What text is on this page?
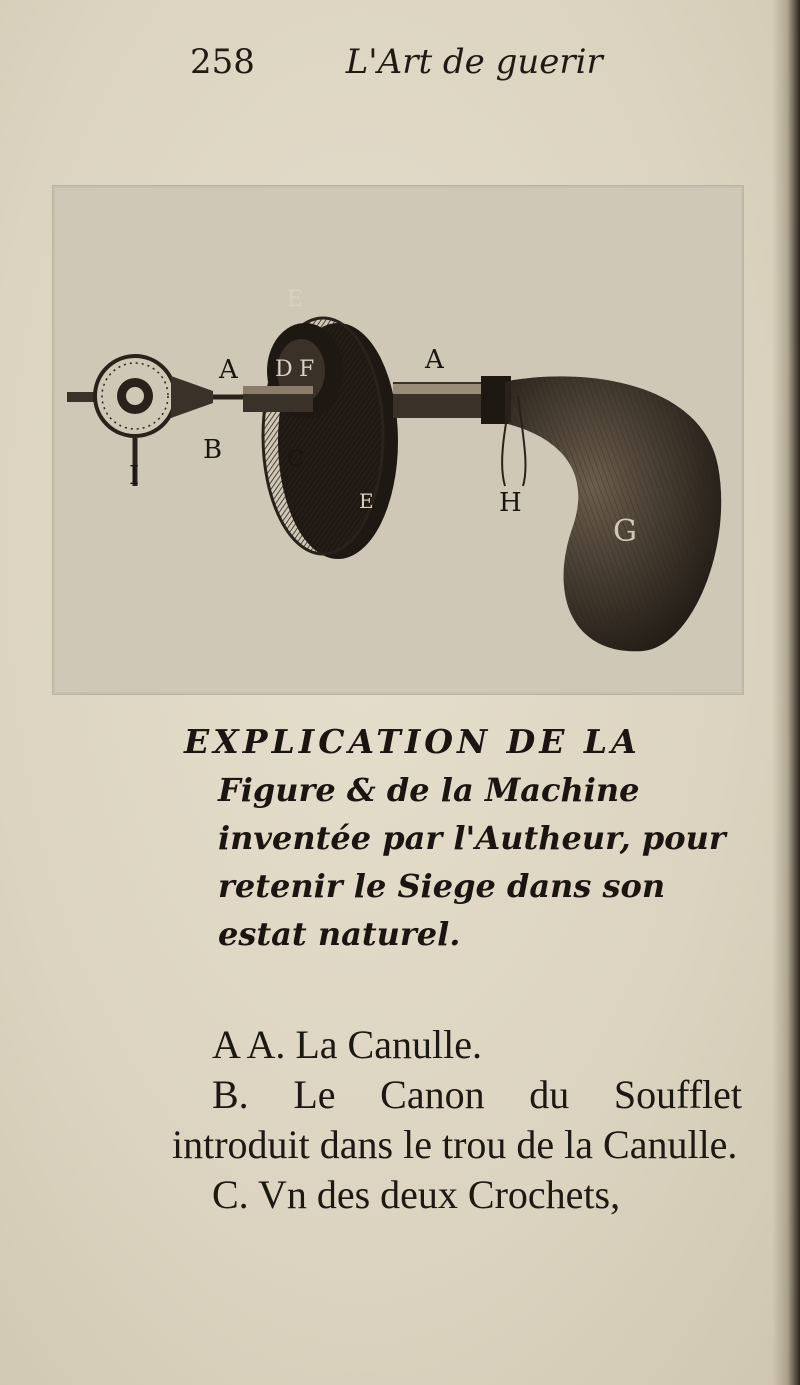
258	L'Art de guerir
A	A
B	C
D F
E
E
G
H
I
EXPLICATION DE LA
Figure & de la Machine inventée par l'Autheur, pour retenir le Siege dans son estat naturel.
A A. La Canulle.
B. Le Canon du Soufflet introduit dans le trou de la Canulle.
C. Vn des deux Crochets,
